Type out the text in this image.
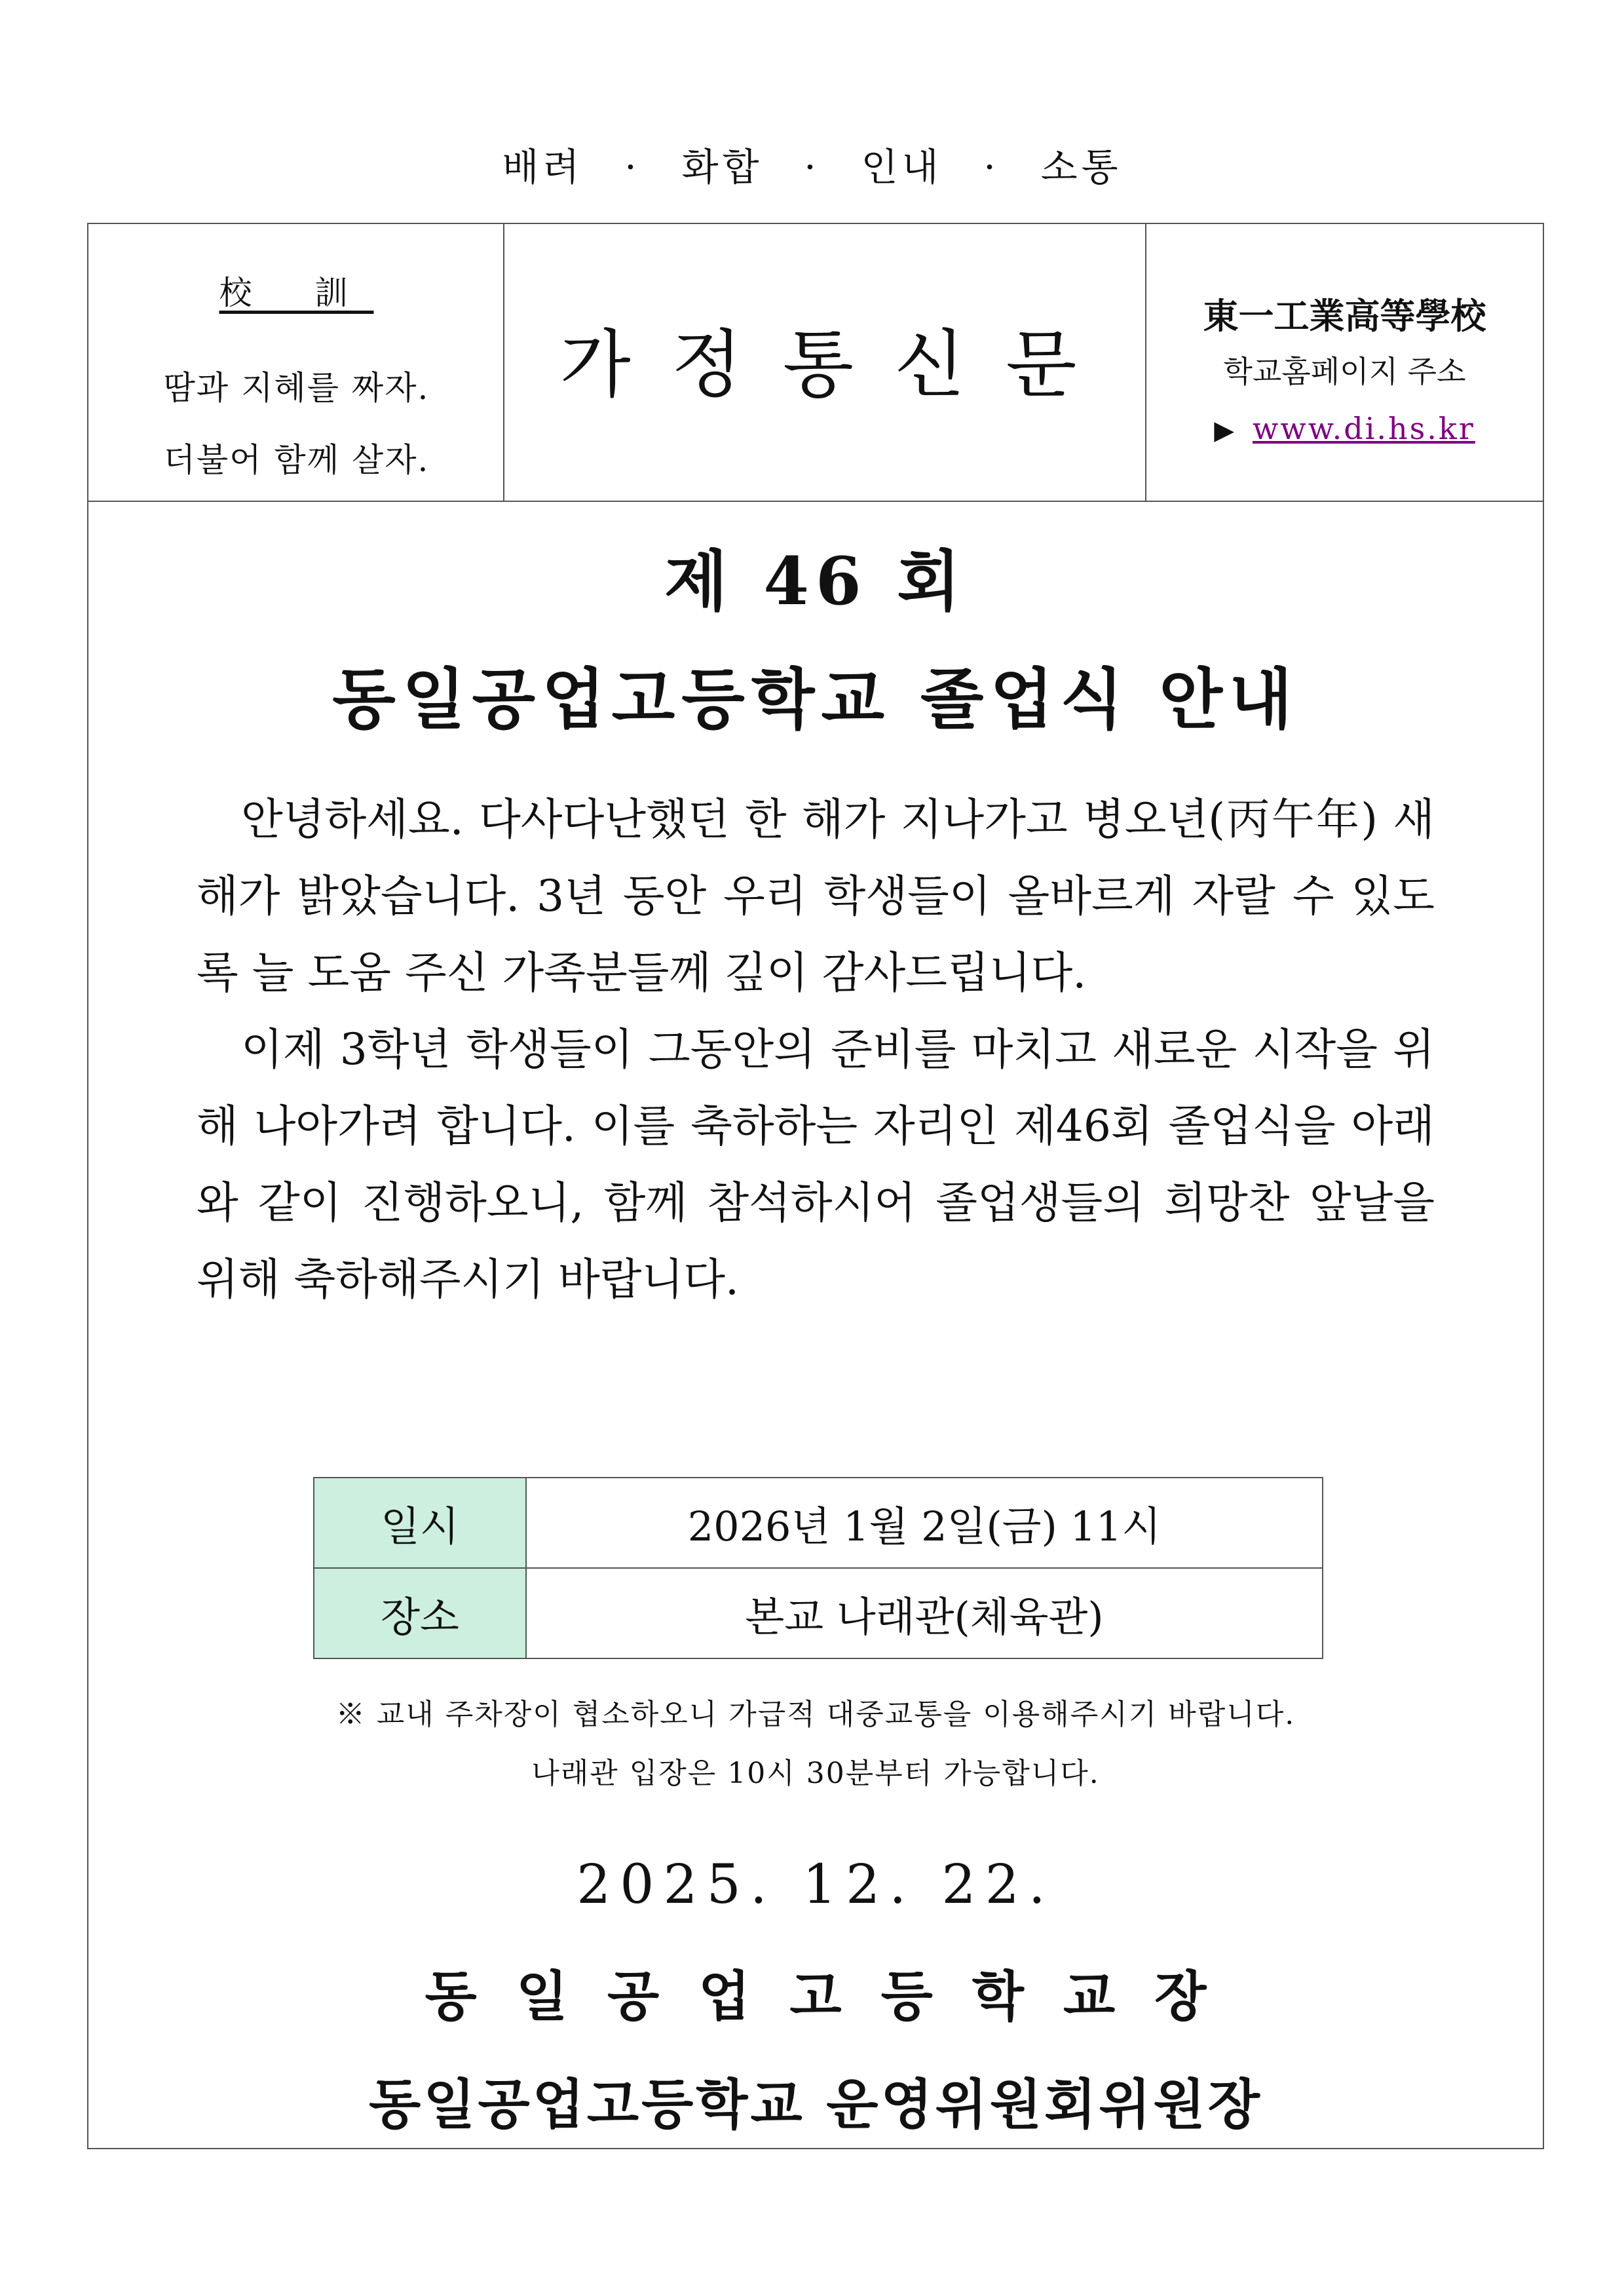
배려 · 화합 · 인내 · 소통
校 訓
땀과 지혜를 짜자.
더불어 함께 살자.
가정통신문
東一工業高等學校
학교홈페이지 주소
▶ www.di.hs.kr
제 46 회
동일공업고등학교 졸업식 안내

안녕하세요. 다사다난했던 한 해가 지나가고 병오년(丙午年) 새해가 밝았습니다. 3년 동안 우리 학생들이 올바르게 자랄 수 있도록 늘 도움 주신 가족분들께 깊이 감사드립니다.

이제 3학년 학생들이 그동안의 준비를 마치고 새로운 시작을 위해 나아가려 합니다. 이를 축하하는 자리인 제46회 졸업식을 아래와 같이 진행하오니, 함께 참석하시어 졸업생들의 희망찬 앞날을 위해 축하해주시기 바랍니다.

일시	2026년 1월 2일(금) 11시
장소	본교 나래관(체육관)
※ 교내 주차장이 협소하오니 가급적 대중교통을 이용해주시기 바랍니다.
나래관 입장은 10시 30분부터 가능합니다.
2025. 12. 22.
동일공업고등학교장
동일공업고등학교 운영위원회위원장
